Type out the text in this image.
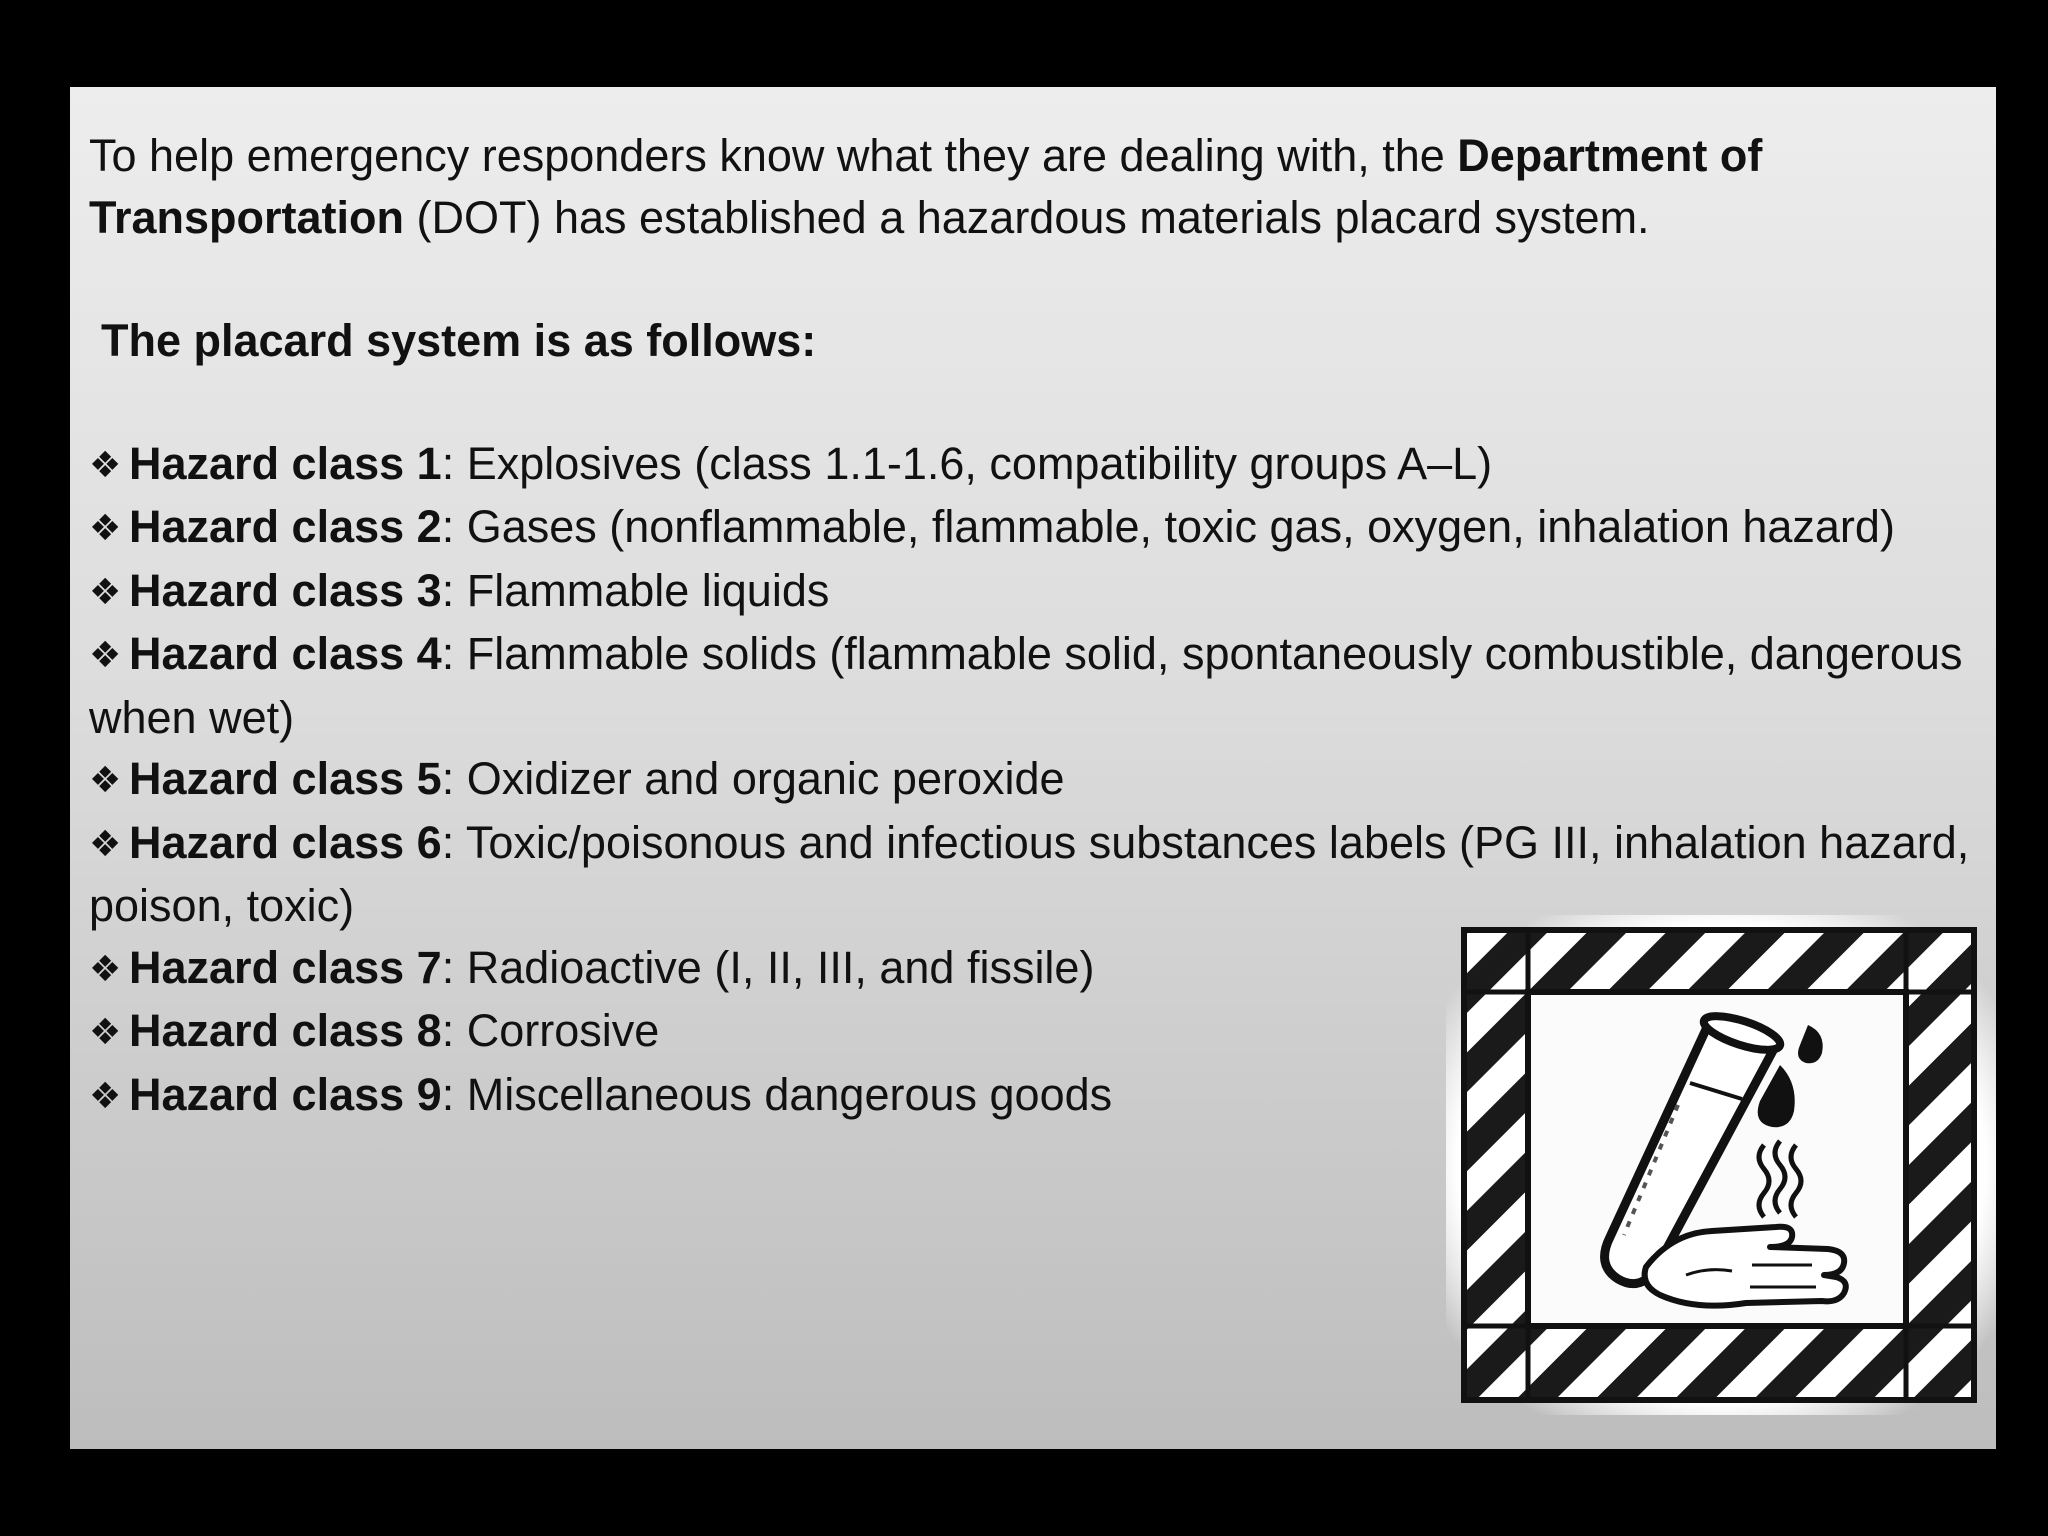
To help emergency responders know what they are dealing with, the Department of Transportation (DOT) has established a hazardous materials placard system.

The placard system is as follows:

❖ Hazard class 1: Explosives (class 1.1-1.6, compatibility groups A–L)

❖ Hazard class 2: Gases (nonflammable, flammable, toxic gas, oxygen, inhalation hazard)

❖ Hazard class 3: Flammable liquids

❖ Hazard class 4: Flammable solids (flammable solid, spontaneously combustible, dangerous when wet)

❖ Hazard class 5: Oxidizer and organic peroxide

❖ Hazard class 6: Toxic/poisonous and infectious substances labels (PG III, inhalation hazard, poison, toxic)

❖ Hazard class 7: Radioactive (I, II, III, and fissile)

❖ Hazard class 8: Corrosive

❖ Hazard class 9: Miscellaneous dangerous goods
